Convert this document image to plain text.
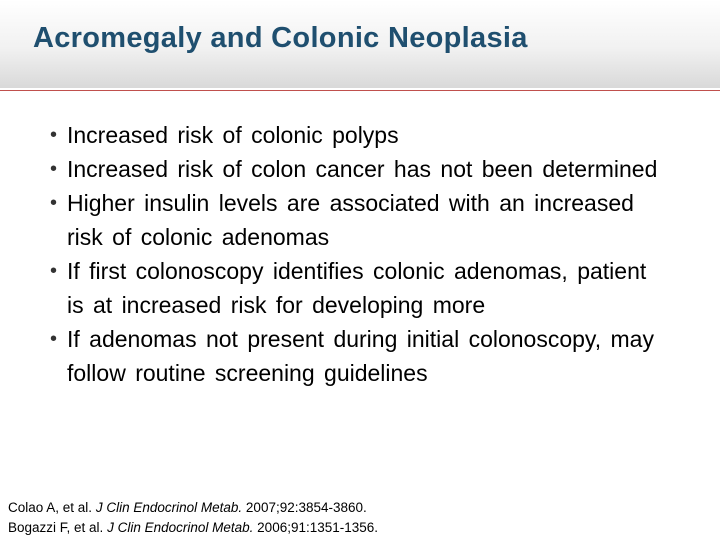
Acromegaly and Colonic Neoplasia
• Increased risk of colonic polyps
• Increased risk of colon cancer has not been determined
• Higher insulin levels are associated with an increased risk of colonic adenomas
• If first colonoscopy identifies colonic adenomas, patient is at increased risk for developing more
• If adenomas not present during initial colonoscopy, may follow routine screening guidelines
Colao A, et al. J Clin Endocrinol Metab. 2007;92:3854-3860.
Bogazzi F, et al. J Clin Endocrinol Metab. 2006;91:1351-1356.
